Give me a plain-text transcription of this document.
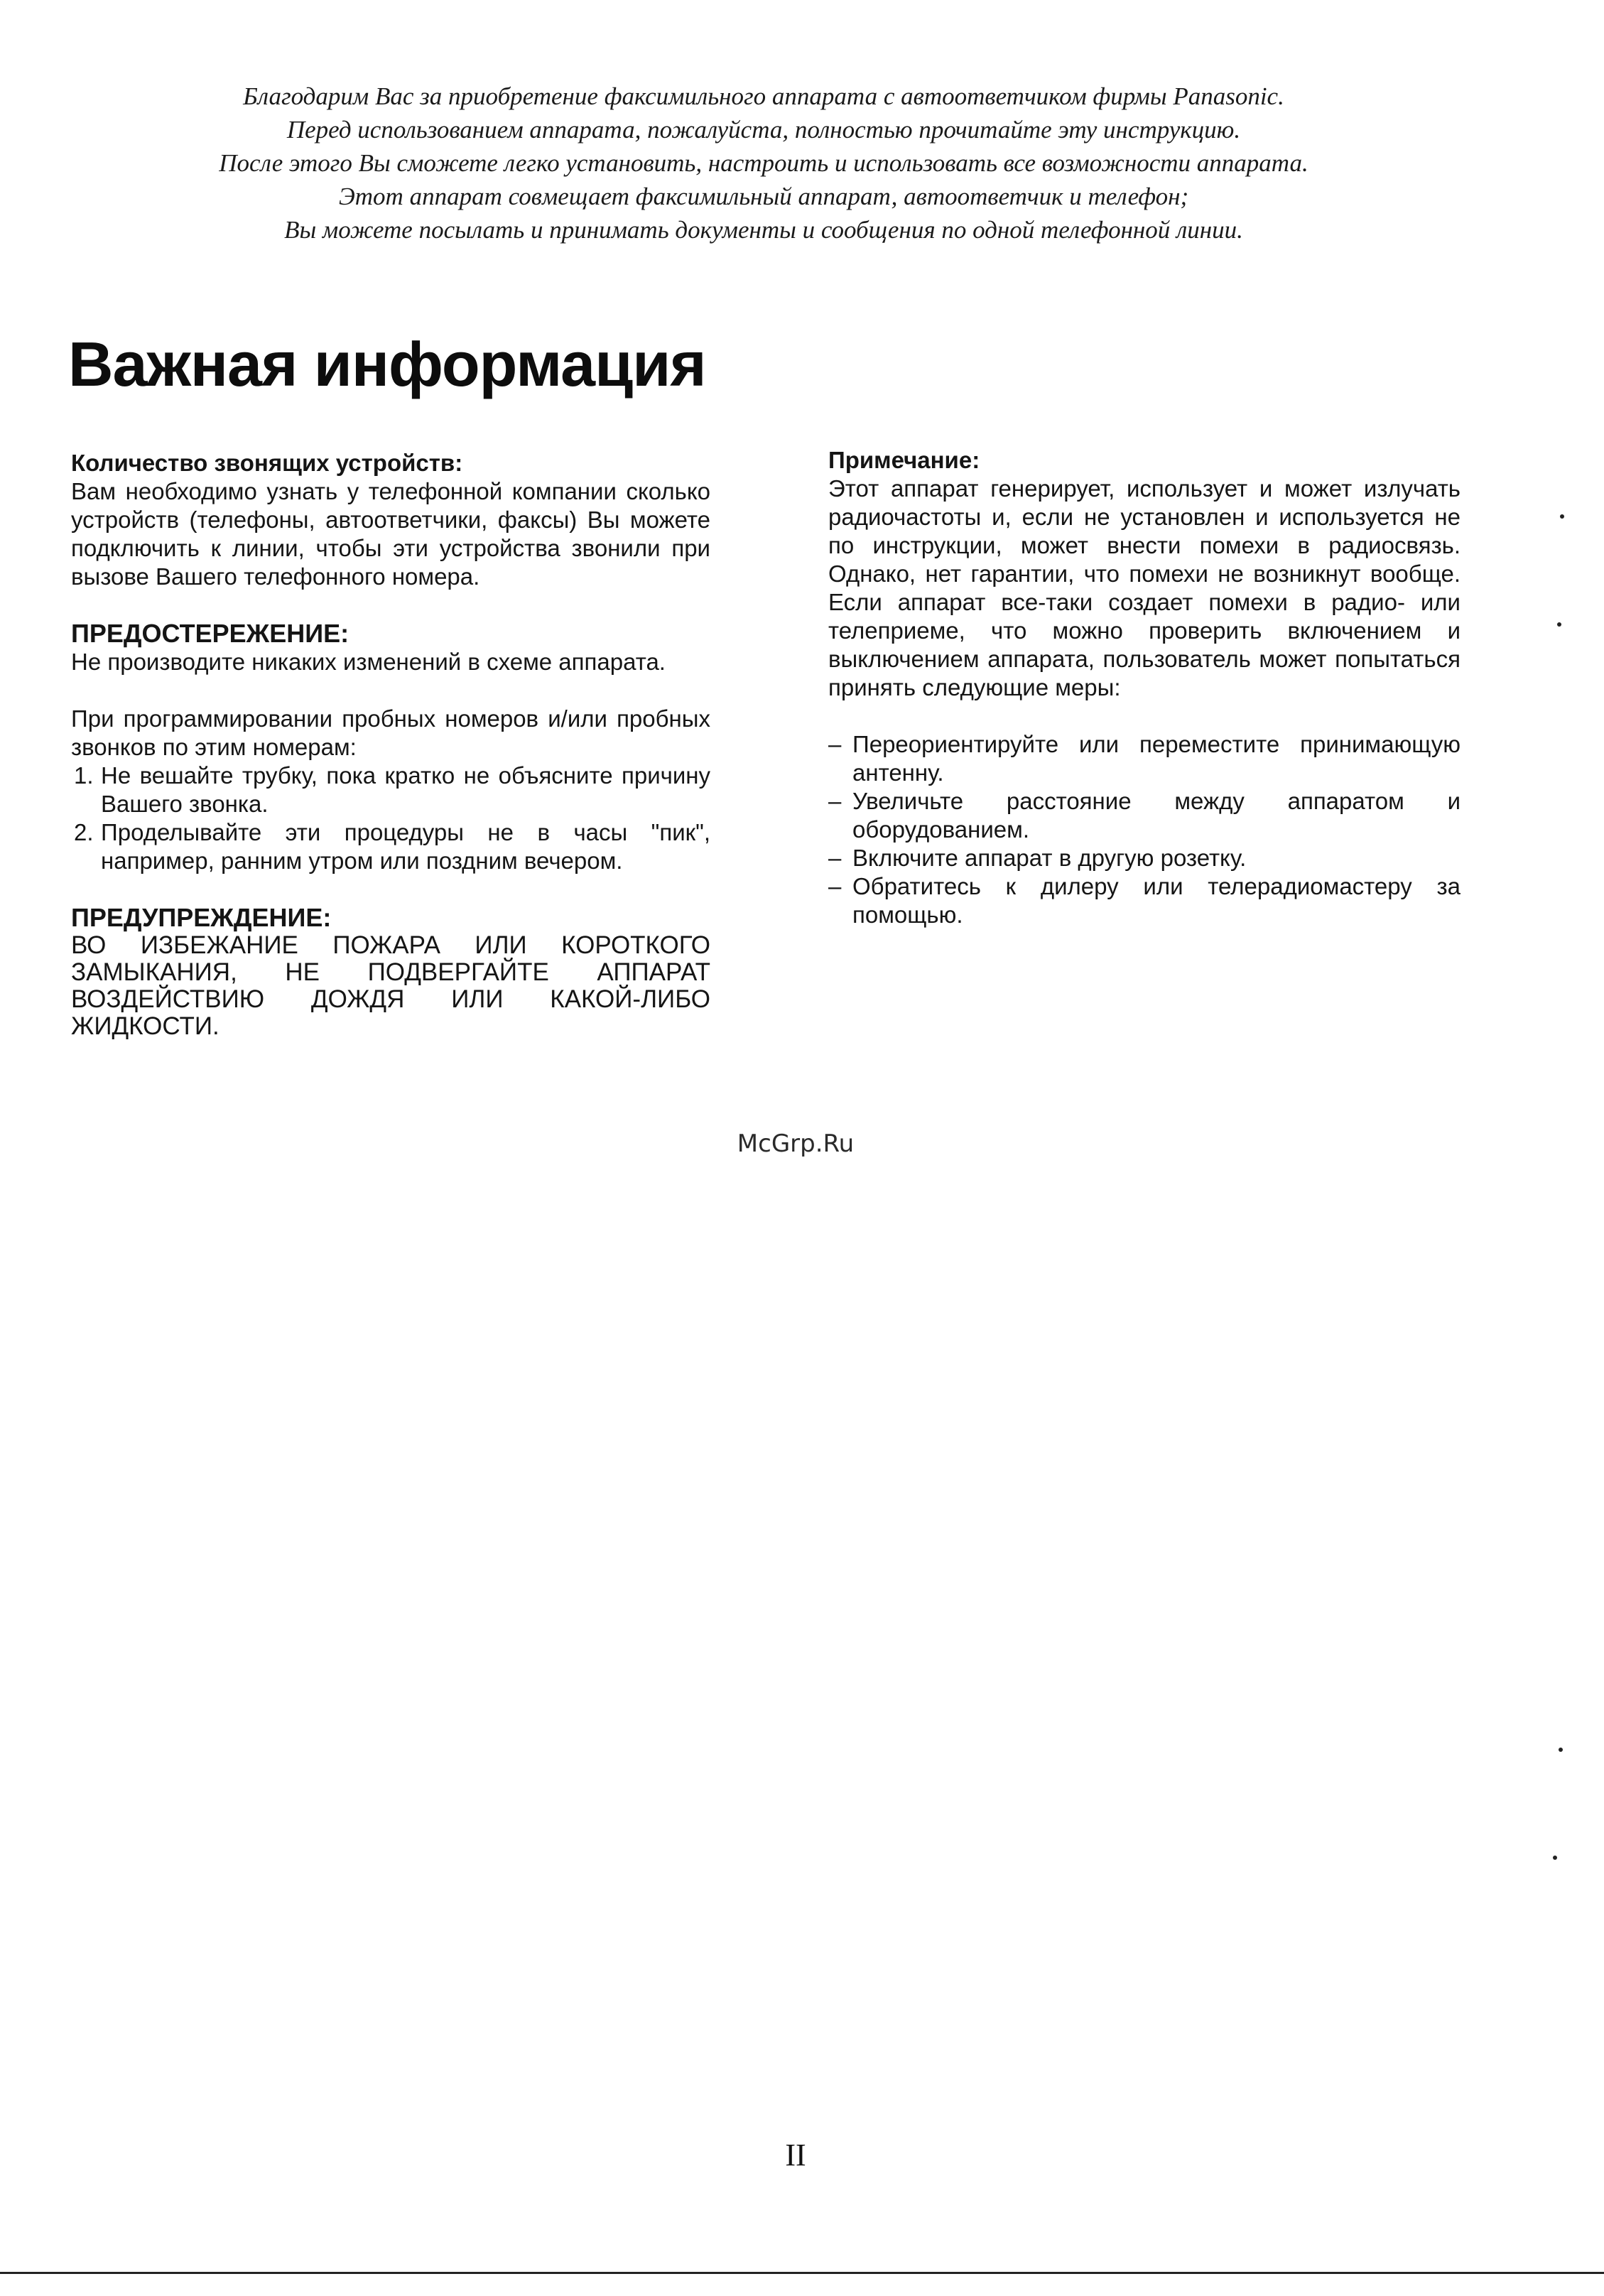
Благодарим Вас за приобретение факсимильного аппарата с автоответчиком фирмы Panasonic.

Перед использованием аппарата, пожалуйста, полностью прочитайте эту инструкцию.

После этого Вы сможете легко установить, настроить и использовать все возможности аппарата.

Этот аппарат совмещает факсимильный аппарат, автоответчик и телефон;

Вы можете посылать и принимать документы и сообщения по одной телефонной линии.

Важная информация

Количество звонящих устройств:

Вам необходимо узнать у телефонной компании сколько устройств (телефоны, автоответчики, факсы) Вы можете подключить к линии, чтобы эти устройства звонили при вызове Вашего телефонного номера.

ПРЕДОСТЕРЕЖЕНИЕ:

Не производите никаких изменений в схеме аппарата.

При программировании пробных номеров и/или пробных звонков по этим номерам:

1. Не вешайте трубку, пока кратко не объясните причину Вашего звонка.
2. Проделывайте эти процедуры не в часы "пик", например, ранним утром или поздним вечером.

ПРЕДУПРЕЖДЕНИЕ:

ВО ИЗБЕЖАНИЕ ПОЖАРА ИЛИ КОРОТКОГО ЗАМЫКАНИЯ, НЕ ПОДВЕРГАЙТЕ АППАРАТ ВОЗДЕЙСТВИЮ ДОЖДЯ ИЛИ КАКОЙ-ЛИБО ЖИДКОСТИ.

Примечание:

Этот аппарат генерирует, использует и может излучать радиочастоты и, если не установлен и используется не по инструкции, может внести помехи в радиосвязь. Однако, нет гарантии, что помехи не возникнут вообще. Если аппарат все-таки создает помехи в радио- или телеприеме, что можно проверить включением и выключением аппарата, пользователь может попытаться принять следующие меры:

– Переориентируйте или переместите принимающую антенну.
– Увеличьте расстояние между аппаратом и оборудованием.
– Включите аппарат в другую розетку.
– Обратитесь к дилеру или телерадиомастеру за помощью.
McGrp.Ru
II
